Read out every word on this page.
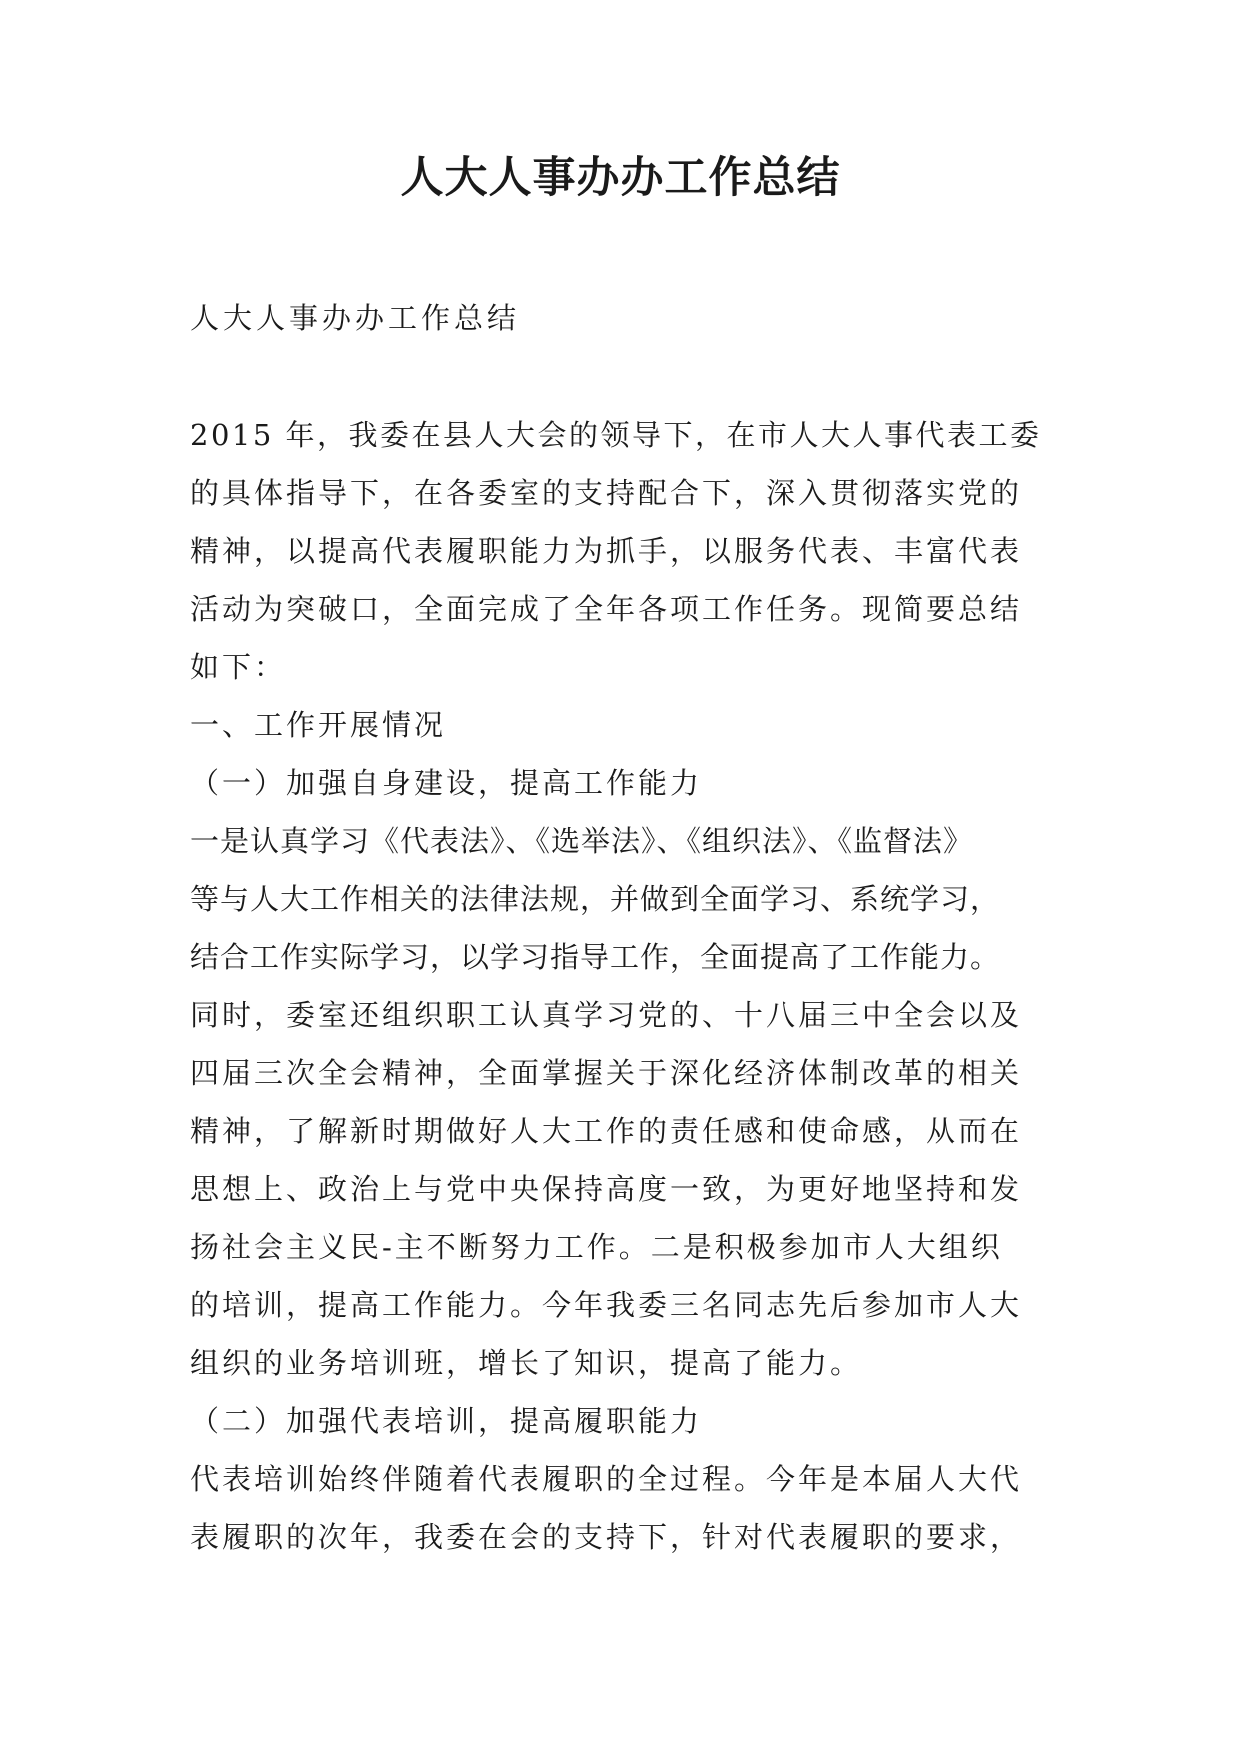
人大人事办办工作总结

人大人事办办工作总结

2015 年，我委在县人大会的领导下，在市人大人事代表工委

的具体指导下，在各委室的支持配合下，深入贯彻落实党的

精神，以提高代表履职能力为抓手，以服务代表、丰富代表

活动为突破口，全面完成了全年各项工作任务。现简要总结

如下：

一、工作开展情况

（一）加强自身建设，提高工作能力

一是认真学习《代表法》、《选举法》、《组织法》、《监督法》

等与人大工作相关的法律法规，并做到全面学习、系统学习，

结合工作实际学习，以学习指导工作，全面提高了工作能力。

同时，委室还组织职工认真学习党的、十八届三中全会以及

四届三次全会精神，全面掌握关于深化经济体制改革的相关

精神，了解新时期做好人大工作的责任感和使命感，从而在

思想上、政治上与党中央保持高度一致，为更好地坚持和发

扬社会主义民-主不断努力工作。二是积极参加市人大组织

的培训，提高工作能力。今年我委三名同志先后参加市人大

组织的业务培训班，增长了知识，提高了能力。

（二）加强代表培训，提高履职能力

代表培训始终伴随着代表履职的全过程。今年是本届人大代

表履职的次年，我委在会的支持下，针对代表履职的要求，
